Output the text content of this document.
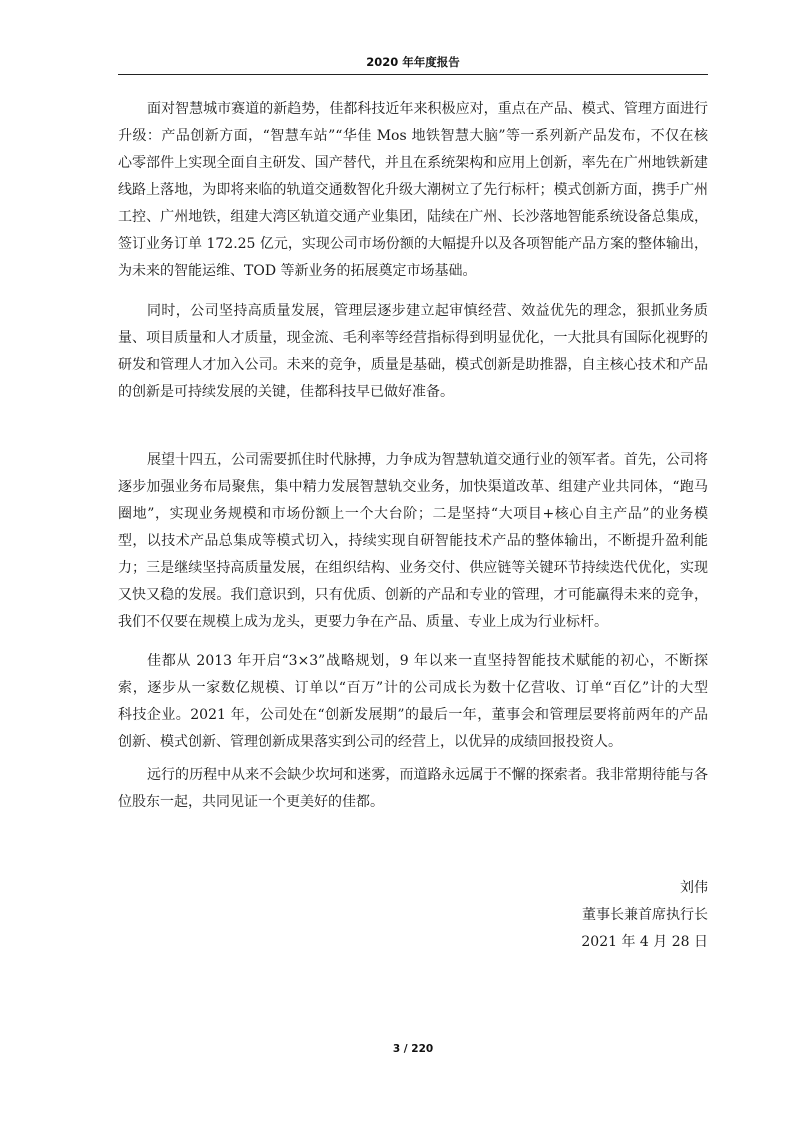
2020 年年度报告
面对智慧城市赛道的新趋势，佳都科技近年来积极应对，重点在产品、模式、管理方面进行
升级：产品创新方面，“智慧车站”“华佳 Mos 地铁智慧大脑”等一系列新产品发布，不仅在核
心零部件上实现全面自主研发、国产替代，并且在系统架构和应用上创新，率先在广州地铁新建
线路上落地，为即将来临的轨道交通数智化升级大潮树立了先行标杆；模式创新方面，携手广州
工控、广州地铁，组建大湾区轨道交通产业集团，陆续在广州、长沙落地智能系统设备总集成，
签订业务订单 172.25 亿元，实现公司市场份额的大幅提升以及各项智能产品方案的整体输出，
为未来的智能运维、TOD 等新业务的拓展奠定市场基础。
同时，公司坚持高质量发展，管理层逐步建立起审慎经营、效益优先的理念，狠抓业务质
量、项目质量和人才质量，现金流、毛利率等经营指标得到明显优化，一大批具有国际化视野的
研发和管理人才加入公司。未来的竞争，质量是基础，模式创新是助推器，自主核心技术和产品
的创新是可持续发展的关键，佳都科技早已做好准备。
展望十四五，公司需要抓住时代脉搏，力争成为智慧轨道交通行业的领军者。首先，公司将
逐步加强业务布局聚焦，集中精力发展智慧轨交业务，加快渠道改革、组建产业共同体，“跑马
圈地”，实现业务规模和市场份额上一个大台阶；二是坚持“大项目+核心自主产品”的业务模
型，以技术产品总集成等模式切入，持续实现自研智能技术产品的整体输出，不断提升盈利能
力；三是继续坚持高质量发展，在组织结构、业务交付、供应链等关键环节持续迭代优化，实现
又快又稳的发展。我们意识到，只有优质、创新的产品和专业的管理，才可能赢得未来的竞争，
我们不仅要在规模上成为龙头，更要力争在产品、质量、专业上成为行业标杆。
佳都从 2013 年开启“3×3”战略规划，9 年以来一直坚持智能技术赋能的初心，不断探
索，逐步从一家数亿规模、订单以“百万”计的公司成长为数十亿营收、订单“百亿”计的大型
科技企业。2021 年，公司处在“创新发展期”的最后一年，董事会和管理层要将前两年的产品
创新、模式创新、管理创新成果落实到公司的经营上，以优异的成绩回报投资人。
远行的历程中从来不会缺少坎坷和迷雾，而道路永远属于不懈的探索者。我非常期待能与各
位股东一起，共同见证一个更美好的佳都。
刘伟
董事长兼首席执行长
2021 年 4 月 28 日
3 / 220
